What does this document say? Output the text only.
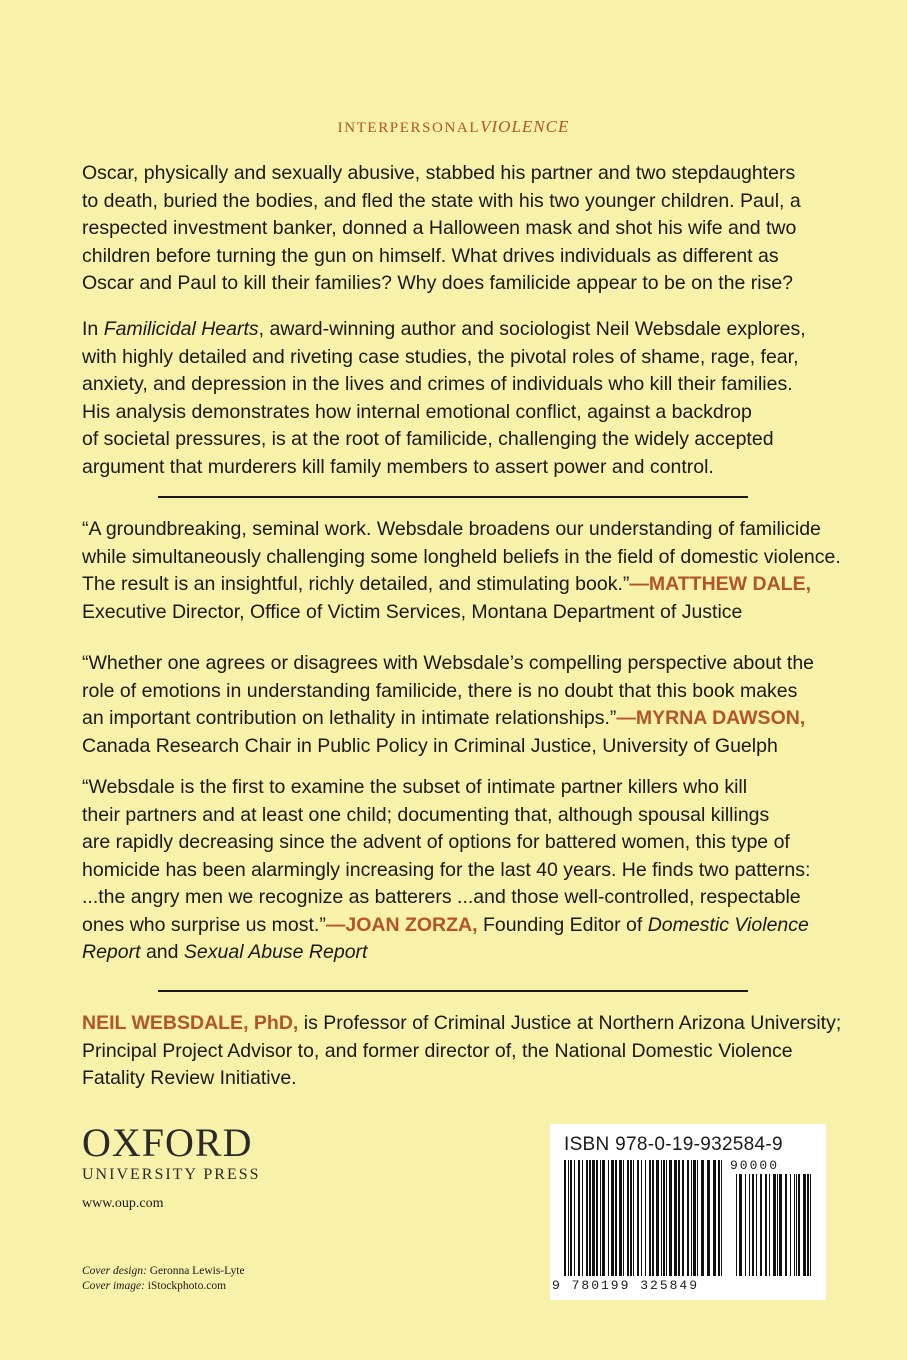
INTERPERSONALVIOLENCE

Oscar, physically and sexually abusive, stabbed his partner and two stepdaughters
to death, buried the bodies, and fled the state with his two younger children. Paul, a
respected investment banker, donned a Halloween mask and shot his wife and two
children before turning the gun on himself. What drives individuals as different as
Oscar and Paul to kill their families? Why does familicide appear to be on the rise?

In Familicidal Hearts, award-winning author and sociologist Neil Websdale explores,
with highly detailed and riveting case studies, the pivotal roles of shame, rage, fear,
anxiety, and depression in the lives and crimes of individuals who kill their families.
His analysis demonstrates how internal emotional conflict, against a backdrop
of societal pressures, is at the root of familicide, challenging the widely accepted
argument that murderers kill family members to assert power and control.

“A groundbreaking, seminal work. Websdale broadens our understanding of familicide
while simultaneously challenging some longheld beliefs in the field of domestic violence.
The result is an insightful, richly detailed, and stimulating book.”—MATTHEW DALE,
Executive Director, Office of Victim Services, Montana Department of Justice

“Whether one agrees or disagrees with Websdale’s compelling perspective about the
role of emotions in understanding familicide, there is no doubt that this book makes
an important contribution on lethality in intimate relationships.”—MYRNA DAWSON,
Canada Research Chair in Public Policy in Criminal Justice, University of Guelph

“Websdale is the first to examine the subset of intimate partner killers who kill
their partners and at least one child; documenting that, although spousal killings
are rapidly decreasing since the advent of options for battered women, this type of
homicide has been alarmingly increasing for the last 40 years. He finds two patterns:
...the angry men we recognize as batterers ...and those well-controlled, respectable
ones who surprise us most.”—JOAN ZORZA, Founding Editor of Domestic Violence
Report and Sexual Abuse Report

NEIL WEBSDALE, PhD, is Professor of Criminal Justice at Northern Arizona University;
Principal Project Advisor to, and former director of, the National Domestic Violence
Fatality Review Initiative.

OXFORD
UNIVERSITY PRESS
www.oup.com
Cover design: Geronna Lewis-Lyte
Cover image: iStockphoto.com
ISBN 978-0-19-932584-9
90000
9 780199 325849
